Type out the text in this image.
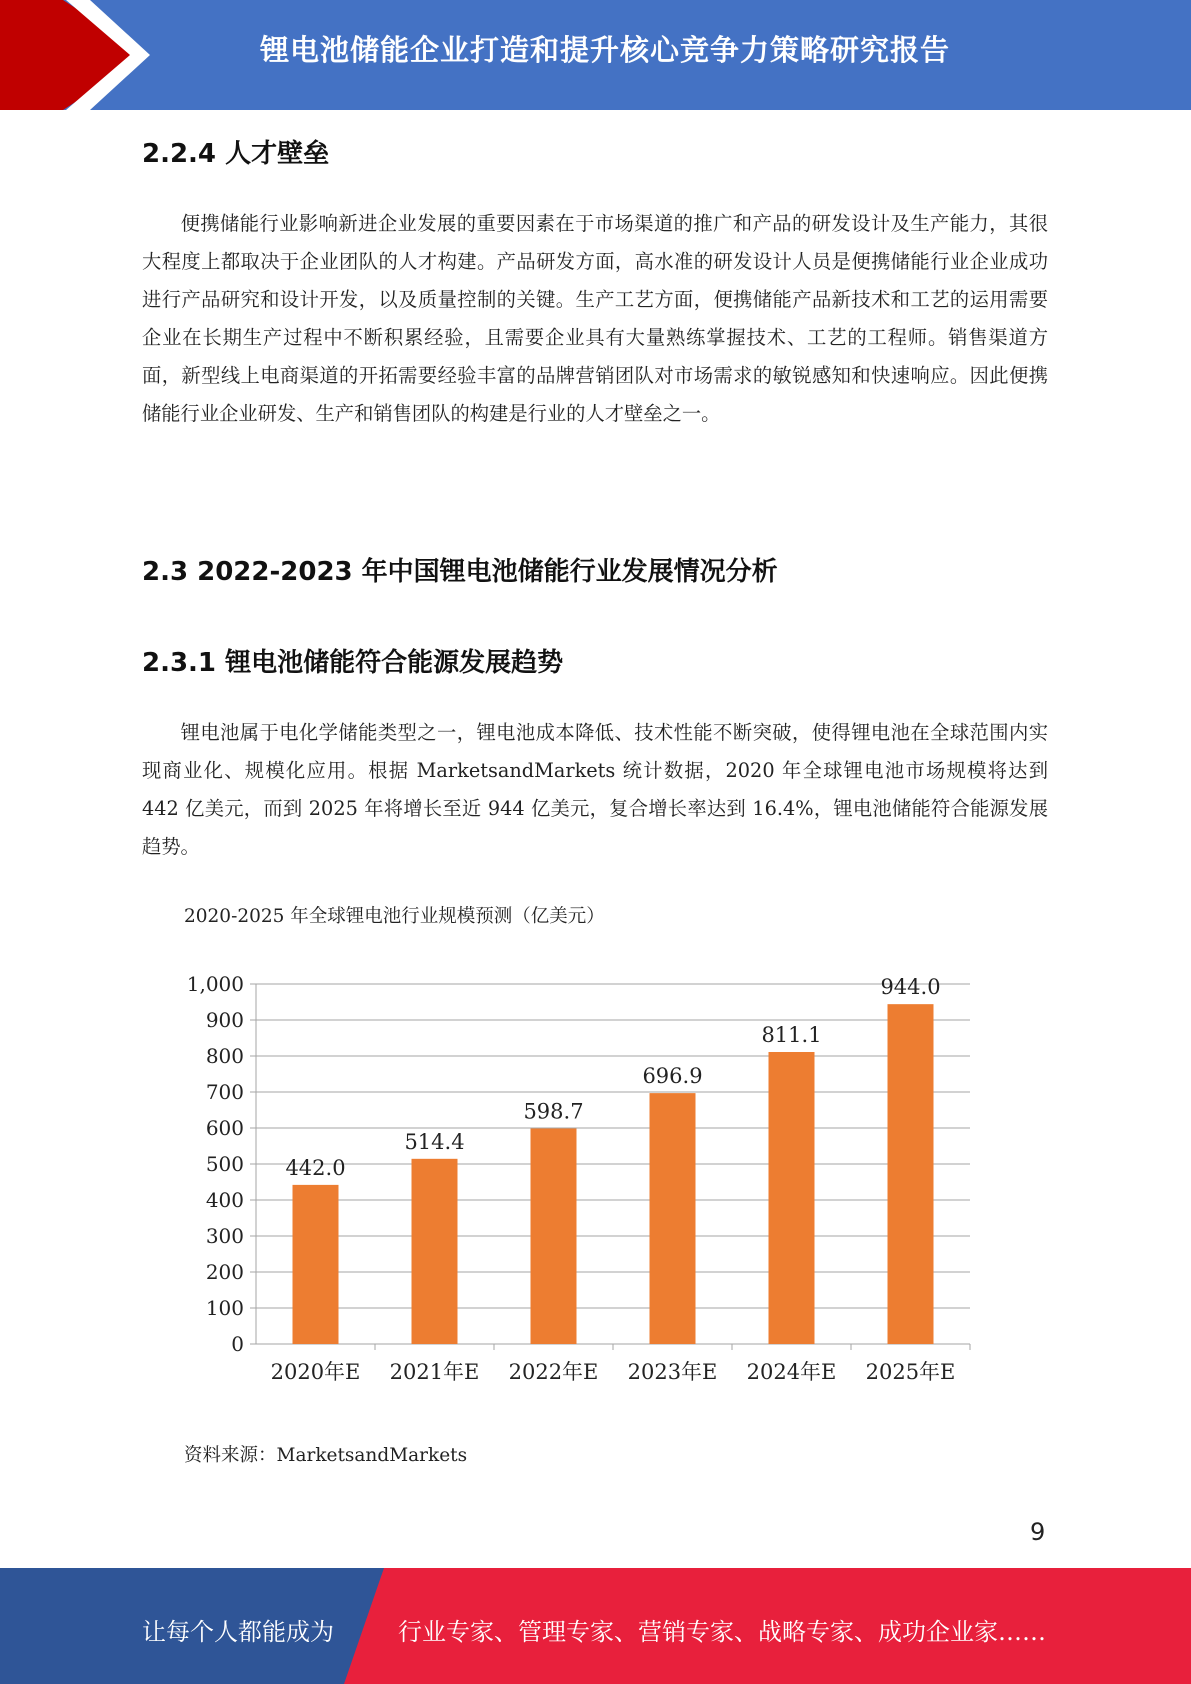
锂电池储能企业打造和提升核心竞争力策略研究报告
2.2.4 人才壁垒
便携储能行业影响新进企业发展的重要因素在于市场渠道的推广和产品的研发设计及生产能力，其很大程度上都取决于企业团队的人才构建。产品研发方面，高水准的研发设计人员是便携储能行业企业成功进行产品研究和设计开发，以及质量控制的关键。生产工艺方面，便携储能产品新技术和工艺的运用需要企业在长期生产过程中不断积累经验，且需要企业具有大量熟练掌握技术、工艺的工程师。销售渠道方面，新型线上电商渠道的开拓需要经验丰富的品牌营销团队对市场需求的敏锐感知和快速响应。因此便携储能行业企业研发、生产和销售团队的构建是行业的人才壁垒之一。
2.3 2022-2023 年中国锂电池储能行业发展情况分析
2.3.1 锂电池储能符合能源发展趋势
锂电池属于电化学储能类型之一，锂电池成本降低、技术性能不断突破，使得锂电池在全球范围内实现商业化、规模化应用。根据 MarketsandMarkets 统计数据，2020 年全球锂电池市场规模将达到 442 亿美元，而到 2025 年将增长至近 944 亿美元，复合增长率达到 16.4%，锂电池储能符合能源发展趋势。
2020-2025 年全球锂电池行业规模预测（亿美元）
0
100
200
300
400
500
600
700
800
900
1,000
442.0
2020年E
514.4
2021年E
598.7
2022年E
696.9
2023年E
811.1
2024年E
944.0
2025年E
资料来源：MarketsandMarkets
9
让每个人都能成为	行业专家、管理专家、营销专家、战略专家、成功企业家……
